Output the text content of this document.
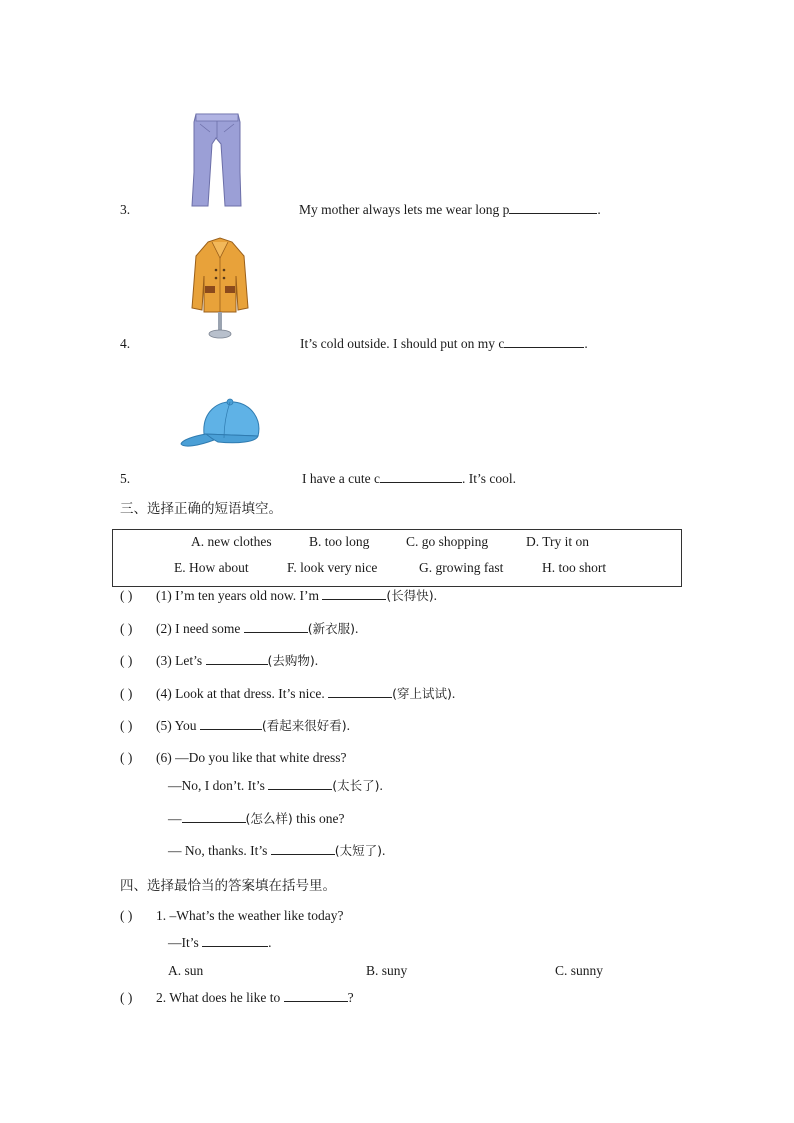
3.	My mother always lets me wear long p	.
4.	It’s cold outside. I should put on my c	.
5.	I have a cute c	. It’s cool.
三、选择正确的短语填空。
A. new clothes	B. too long	C. go shopping	D. Try it on
E. How about	F. look very nice	G. growing fast	H. too short
( ) (1) I’m ten years old now. I’m	(长得快).
( ) (2) I need some	(新衣服).
( ) (3) Let’s	(去购物).
( ) (4) Look at that dress. It’s nice.	(穿上试试).
( ) (5) You	(看起来很好看).
( ) (6) —Do you like that white dress?
—No, I don’t. It’s	(太长了).
—	(怎么样) this one?
— No, thanks. It’s	(太短了).
四、选择最恰当的答案填在括号里。
( ) 1. –What’s the weather like today?
—It’s	.
A. sun	B. suny	C. sunny
( ) 2. What does he like to	?
